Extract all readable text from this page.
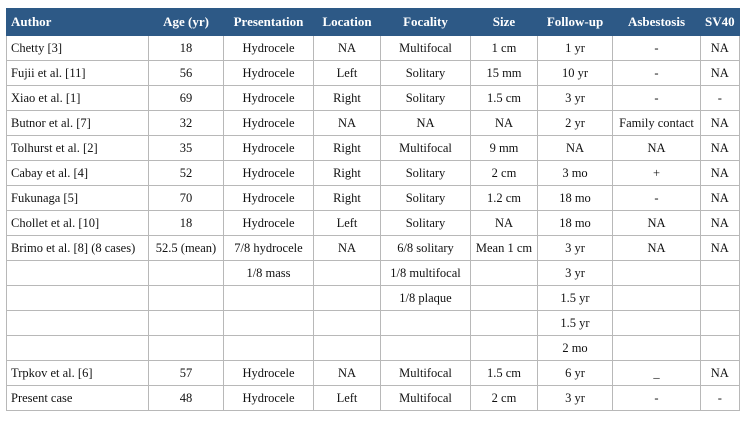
Author	Age (yr)	Presentation	Location	Focality	Size	Follow-up	Asbestosis	SV40
Chetty [3]	18	Hydrocele	NA	Multifocal	1 cm	1 yr	-	NA
Fujii et al. [11]	56	Hydrocele	Left	Solitary	15 mm	10 yr	-	NA
Xiao et al. [1]	69	Hydrocele	Right	Solitary	1.5 cm	3 yr	-	-
Butnor et al. [7]	32	Hydrocele	NA	NA	NA	2 yr	Family contact	NA
Tolhurst et al. [2]	35	Hydrocele	Right	Multifocal	9 mm	NA	NA	NA
Cabay et al. [4]	52	Hydrocele	Right	Solitary	2 cm	3 mo	+	NA
Fukunaga [5]	70	Hydrocele	Right	Solitary	1.2 cm	18 mo	-	NA
Chollet et al. [10]	18	Hydrocele	Left	Solitary	NA	18 mo	NA	NA
Brimo et al. [8] (8 cases)	52.5 (mean)	7/8 hydrocele	NA	6/8 solitary	Mean 1 cm	3 yr	NA	NA
		1/8 mass		1/8 multifocal		3 yr		
				1/8 plaque		1.5 yr		
						1.5 yr		
						2 mo		
Trpkov et al. [6]	57	Hydrocele	NA	Multifocal	1.5 cm	6 yr	_	NA
Present case	48	Hydrocele	Left	Multifocal	2 cm	3 yr	-	-
